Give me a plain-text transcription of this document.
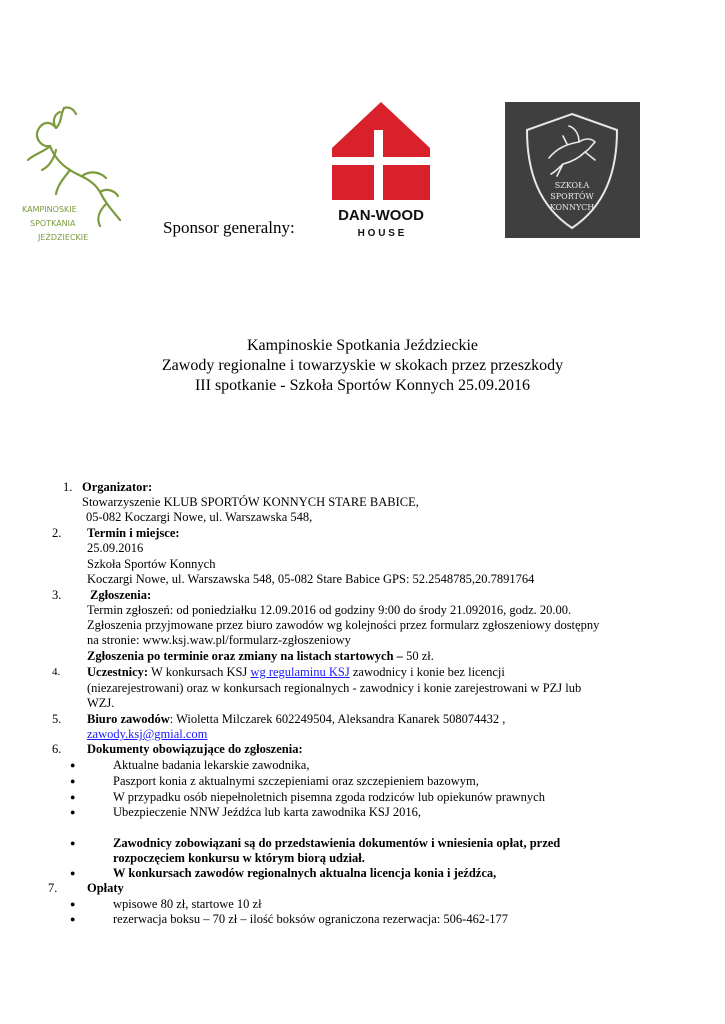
KAMPINOSKIE
SPOTKANIA
JEŹDZIECKIE
Sponsor generalny:
DAN-WOOD
H O U S E
SZKOŁA
SPORTÓW
KONNYCH
Kampinoskie Spotkania Jeździeckie
Zawody regionalne i towarzyskie w skokach przez przeszkody
III spotkanie - Szkoła Sportów Konnych 25.09.2016
1. Organizator:
Stowarzyszenie KLUB SPORTÓW KONNYCH STARE BABICE,
05-082 Koczargi Nowe, ul. Warszawska 548,
2. Termin i miejsce:
25.09.2016
Szkoła Sportów Konnych
Koczargi Nowe, ul. Warszawska 548, 05-082 Stare Babice GPS: 52.2548785,20.7891764
3. Zgłoszenia:
Termin zgłoszeń: od poniedziałku 12.09.2016 od godziny 9:00 do środy 21.092016, godz. 20.00.
Zgłoszenia przyjmowane przez biuro zawodów wg kolejności przez formularz zgłoszeniowy dostępny
na stronie: www.ksj.waw.pl/formularz-zgłoszeniowy
Zgłoszenia po terminie oraz zmiany na listach startowych – 50 zł.
4. Uczestnicy: W konkursach KSJ wg regulaminu KSJ zawodnicy i konie bez licencji
(niezarejestrowani) oraz w konkursach regionalnych - zawodnicy i konie zarejestrowani w PZJ lub
WZJ.
5. Biuro zawodów: Wioletta Milczarek 602249504, Aleksandra Kanarek 508074432 ,
zawody.ksj@gmial.com
6. Dokumenty obowiązujące do zgłoszenia:
●	Aktualne badania lekarskie zawodnika,
●	Paszport konia z aktualnymi szczepieniami oraz szczepieniem bazowym,
●	W przypadku osób niepełnoletnich pisemna zgoda rodziców lub opiekunów prawnych
●	Ubezpieczenie NNW Jeźdźca lub karta zawodnika KSJ 2016,
●	Zawodnicy zobowiązani są do przedstawienia dokumentów i wniesienia opłat, przed
rozpoczęciem konkursu w którym biorą udział.
●	W konkursach zawodów regionalnych aktualna licencja konia i jeźdźca,
7. Opłaty
●	wpisowe 80 zł, startowe 10 zł
●	rezerwacja boksu – 70 zł – ilość boksów ograniczona rezerwacja: 506-462-177
